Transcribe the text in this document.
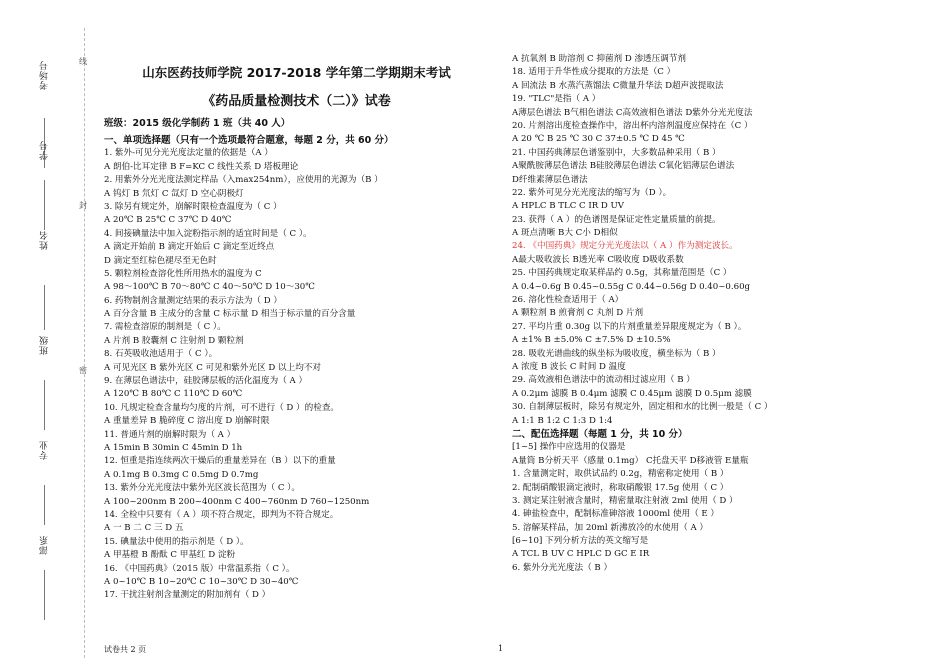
考场号
学号
姓名
班级
专业
部系
线
封
密
山东医药技师学院 2017-2018 学年第二学期期末考试
《药品质量检测技术（二）》试卷
班级：2015 级化学制药 1 班（共 40 人）
一、单项选择题（只有一个选项最符合题意，每题 2 分，共 60 分）
1. 紫外-可见分光光度法定量的依据是（A ）
A 朗伯-比耳定律 B F=KC C 线性关系 D 塔板理论
2. 用紫外分光光度法测定样品（入max254nm），应使用的光源为（B ）
A 钨灯 B 氘灯 C 氙灯 D 空心阴极灯
3. 除另有规定外，崩解时限检查温度为（ C ）
A 20℃ B 25℃ C 37℃ D 40℃
4. 间接碘量法中加入淀粉指示剂的适宜时间是（ C ）。
A 滴定开始前 B 滴定开始后 C 滴定至近终点
D 滴定至红棕色褪尽至无色时
5. 颗粒剂检查溶化性所用热水的温度为 C
A 98～100℃ B 70～80℃ C 40～50℃ D 10～30℃
6. 药物制剂含量测定结果的表示方法为（ D ）
A 百分含量 B 主成分的含量 C 标示量 D 相当于标示量的百分含量
7. 需检查溶原的制剂是（ C ）。
A 片剂 B 胶囊剂 C 注射剂 D 颗粒剂
8. 石英吸收池适用于（ C ）。
A 可见光区 B 紫外光区 C 可见和紫外光区 D 以上均不对
9. 在薄层色谱法中，硅胶薄层板的活化温度为（ A ）
A 120℃ B 80℃ C 110℃ D 60℃
10. 凡规定检查含量均匀度的片剂，可不进行（ D ）的检查。
A 重量差异 B 脆碎度 C 溶出度 D 崩解时限
11. 普通片剂的崩解时限为（ A ）
A 15min B 30min C 45min D 1h
12. 恒重是指连续两次干燥后的重量差异在（B ）以下的重量
A 0.1mg B 0.3mg C 0.5mg D 0.7mg
13. 紫外分光光度法中紫外光区波长范围为（ C ）。
A 100~200nm B 200~400nm C 400~760nm D 760~1250nm
14. 全检中只要有（ A ）项不符合规定，即判为不符合规定。
A 一 B 二 C 三 D 五
15. 碘量法中使用的指示剂是（ D ）。
A 甲基橙 B 酚酞 C 甲基红 D 淀粉
16. 《中国药典》（2015 版）中常温系指（ C ）。
A 0~10℃ B 10~20℃ C 10~30℃ D 30~40℃
17. 干扰注射剂含量测定的附加剂有（ D ）
A 抗氧剂 B 助溶剂 C 抑菌剂 D 渗透压调节剂
18. 适用于升华性成分提取的方法是（C ）
A 回流法 B 水蒸汽蒸馏法 C微量升华法 D超声波提取法
19. "TLC"是指（ A ）
A薄层色谱法 B气相色谱法 C高效液相色谱法 D紫外分光光度法
20. 片剂溶出度检查操作中，溶出杯内溶剂温度应保持在（C ）
A 20 ℃ B 25 ℃ 30 C 37±0.5 ℃ D 45 ℃
21. 中国药典薄层色谱鉴别中，大多数品种采用（ B ）
A聚酰胺薄层色谱法 B硅胶薄层色谱法 C氧化铝薄层色谱法
D纤维素薄层色谱法
22. 紫外可见分光光度法的缩写为（D ）。
A HPLC B TLC C IR D UV
23. 获得（ A ）的色谱图是保证定性定量质量的前提。
A 斑点清晰 B大 C小 D相似
24. 《中国药典》规定分光光度法以（ A ）作为测定波长。
A最大吸收波长 B透光率 C吸收度 D吸收系数
25. 中国药典规定取某样品约 0.5g，其称量范围是（C ）
A 0.4~0.6g B 0.45~0.55g C 0.44~0.56g D 0.40~0.60g
26. 溶化性检查适用于（ A）
A 颗粒剂 B 煎膏剂 C 丸剂 D 片剂
27. 平均片重 0.30g 以下的片剂重量差异限度规定为（ B ）。
A ±1% B ±5.0% C ±7.5% D ±10.5%
28. 吸收光谱曲线的纵坐标为吸收度，横坐标为（ B ）
A 浓度 B 波长 C 时间 D 温度
29. 高效液相色谱法中的流动相过滤应用（ B ）
A 0.2μm 滤膜 B 0.4μm 滤膜 C 0.45μm 滤膜 D 0.5μm 滤膜
30. 自制薄层板时，除另有规定外，固定相和水的比例一般是（ C ）
A 1:1 B 1:2 C 1:3 D 1:4
二、配伍选择题（每题 1 分，共 10 分）
[1~5] 操作中应选用的仪器是
A量筒 B分析天平（感量 0.1mg） C托盘天平 D移液管 E量瓶
1. 含量测定时，取供试品约 0.2g，精密称定使用（ B ）
2. 配制硝酸银滴定液时，称取硝酸银 17.5g 使用（ C ）
3. 测定某注射液含量时，精密量取注射液 2ml 使用（ D ）
4. 砷盐检查中，配制标准砷溶液 1000ml 使用（ E ）
5. 溶解某样品，加 20ml 新沸放冷的水使用（ A ）
[6~10] 下列分析方法的英文缩写是
A TCL B UV C HPLC D GC E IR
6. 紫外分光光度法（ B ）
试卷共 2 页	1
